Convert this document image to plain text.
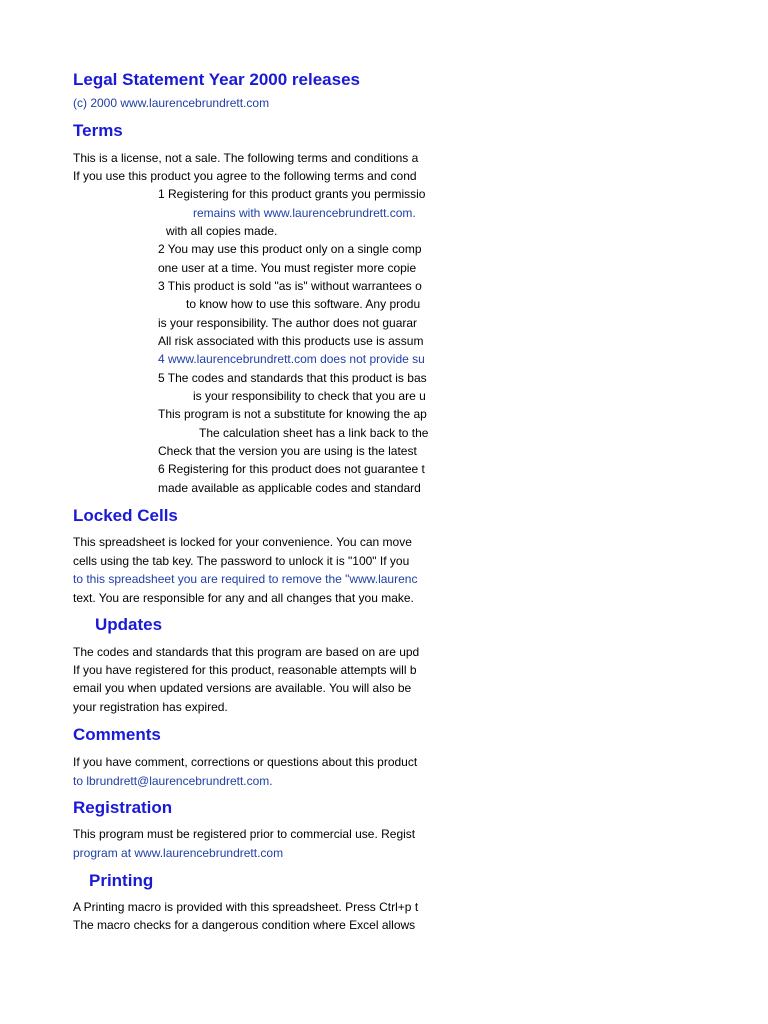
Legal Statement Year 2000 releases
(c) 2000 www.laurencebrundrett.com
Terms
This is a license, not a sale. The following terms and conditions a
If you use this product you agree to the following terms and cond
1 Registering for this product grants you permissio
remains with www.laurencebrundrett.com.
with all copies made.
2 You may use this product only on a single comp
one user at a time. You must register more copie
3 This product is sold "as is" without warrantees o
to know how to use this software. Any produ
is your responsibility. The author does not guarar
All risk associated with this products use is assum
4 www.laurencebrundrett.com does not provide su
5 The codes and standards that this product is bas
is your responsibility to check that you are u
This program is not a substitute for knowing the ap
The calculation sheet has a link back to the
Check that the version you are using is the latest
6 Registering for this product does not guarantee t
made available as applicable codes and standard
Locked Cells
This spreadsheet is locked for your convenience. You can move
cells using the tab key. The password to unlock it is "100" If you
to this spreadsheet you are required to remove the "www.laurenc
text. You are responsible for any and all changes that you make.
Updates
The codes and standards that this program are based on are upd
If you have registered for this product, reasonable attempts will b
email you when updated versions are available. You will also be
your registration has expired.
Comments
If you have comment, corrections or questions about this product
to lbrundrett@laurencebrundrett.com.
Registration
This program must be registered prior to commercial use. Regist
program at www.laurencebrundrett.com
Printing
A Printing macro is provided with this spreadsheet. Press Ctrl+p t
The macro checks for a dangerous condition where Excel allows
